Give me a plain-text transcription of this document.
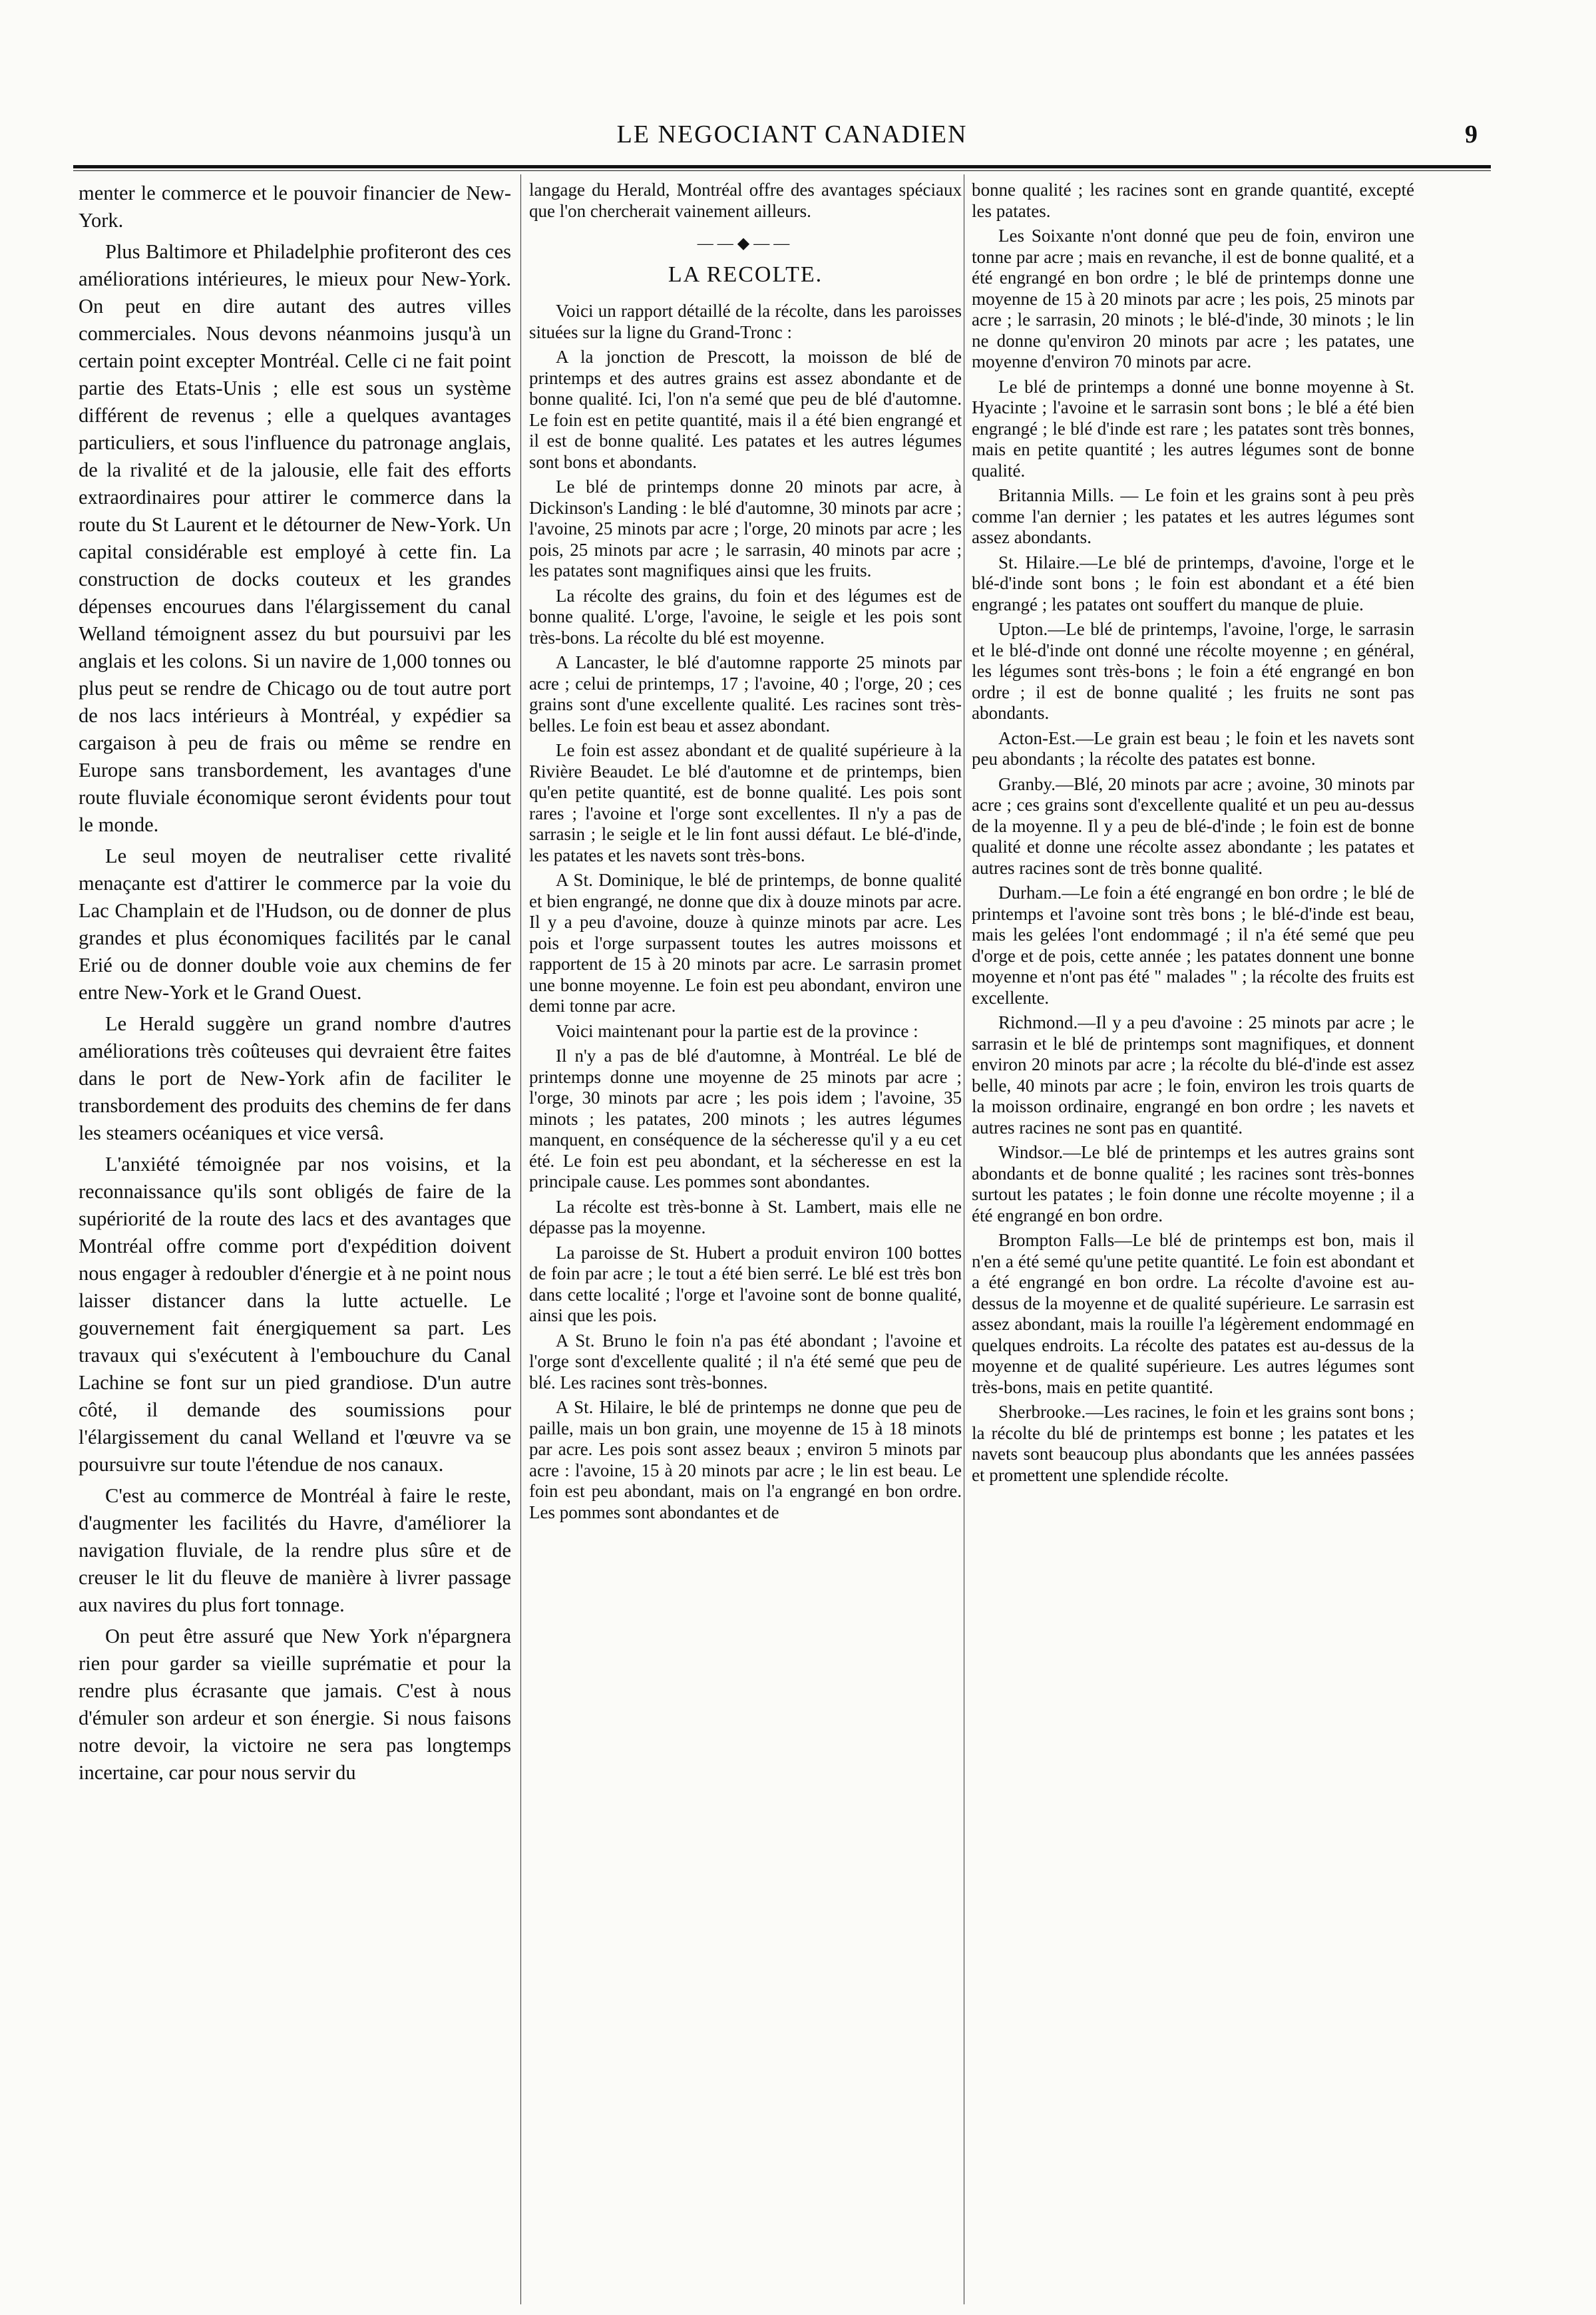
LE NEGOCIANT CANADIEN	9

menter le commerce et le pouvoir financier de New-York.

Plus Baltimore et Philadelphie profiteront des ces améliorations intérieures, le mieux pour New-York. On peut en dire autant des autres villes commerciales. Nous devons néanmoins jusqu'à un certain point excepter Montréal. Celle ci ne fait point partie des Etats-Unis ; elle est sous un système différent de revenus ; elle a quelques avantages particuliers, et sous l'influence du patronage anglais, de la rivalité et de la jalousie, elle fait des efforts extraordinaires pour attirer le commerce dans la route du St Laurent et le détourner de New-York. Un capital considérable est employé à cette fin. La construction de docks couteux et les grandes dépenses encourues dans l'élargissement du canal Welland témoignent assez du but poursuivi par les anglais et les colons. Si un navire de 1,000 tonnes ou plus peut se rendre de Chicago ou de tout autre port de nos lacs intérieurs à Montréal, y expédier sa cargaison à peu de frais ou même se rendre en Europe sans transbordement, les avantages d'une route fluviale économique seront évidents pour tout le monde.

Le seul moyen de neutraliser cette rivalité menaçante est d'attirer le commerce par la voie du Lac Champlain et de l'Hudson, ou de donner de plus grandes et plus économiques facilités par le canal Erié ou de donner double voie aux chemins de fer entre New-York et le Grand Ouest.

Le Herald suggère un grand nombre d'autres améliorations très coûteuses qui devraient être faites dans le port de New-York afin de faciliter le transbordement des produits des chemins de fer dans les steamers océaniques et vice versâ.

L'anxiété témoignée par nos voisins, et la reconnaissance qu'ils sont obligés de faire de la supériorité de la route des lacs et des avantages que Montréal offre comme port d'expédition doivent nous engager à redoubler d'énergie et à ne point nous laisser distancer dans la lutte actuelle. Le gouvernement fait énergiquement sa part. Les travaux qui s'exécutent à l'embouchure du Canal Lachine se font sur un pied grandiose. D'un autre côté, il demande des soumissions pour l'élargissement du canal Welland et l'œuvre va se poursuivre sur toute l'étendue de nos canaux.

C'est au commerce de Montréal à faire le reste, d'augmenter les facilités du Havre, d'améliorer la navigation fluviale, de la rendre plus sûre et de creuser le lit du fleuve de manière à livrer passage aux navires du plus fort tonnage.

On peut être assuré que New York n'épargnera rien pour garder sa vieille suprématie et pour la rendre plus écrasante que jamais. C'est à nous d'émuler son ardeur et son énergie. Si nous faisons notre devoir, la victoire ne sera pas longtemps incertaine, car pour nous servir du

langage du Herald, Montréal offre des avantages spéciaux que l'on chercherait vainement ailleurs.

——◆——
LA RECOLTE.

Voici un rapport détaillé de la récolte, dans les paroisses situées sur la ligne du Grand-Tronc :

A la jonction de Prescott, la moisson de blé de printemps et des autres grains est assez abondante et de bonne qualité. Ici, l'on n'a semé que peu de blé d'automne. Le foin est en petite quantité, mais il a été bien engrangé et il est de bonne qualité. Les patates et les autres légumes sont bons et abondants.

Le blé de printemps donne 20 minots par acre, à Dickinson's Landing : le blé d'automne, 30 minots par acre ; l'avoine, 25 minots par acre ; l'orge, 20 minots par acre ; les pois, 25 minots par acre ; le sarrasin, 40 minots par acre ; les patates sont magnifiques ainsi que les fruits.

La récolte des grains, du foin et des légumes est de bonne qualité. L'orge, l'avoine, le seigle et les pois sont très-bons. La récolte du blé est moyenne.

A Lancaster, le blé d'automne rapporte 25 minots par acre ; celui de printemps, 17 ; l'avoine, 40 ; l'orge, 20 ; ces grains sont d'une excellente qualité. Les racines sont très-belles. Le foin est beau et assez abondant.

Le foin est assez abondant et de qualité supérieure à la Rivière Beaudet. Le blé d'automne et de printemps, bien qu'en petite quantité, est de bonne qualité. Les pois sont rares ; l'avoine et l'orge sont excellentes. Il n'y a pas de sarrasin ; le seigle et le lin font aussi défaut. Le blé-d'inde, les patates et les navets sont très-bons.

A St. Dominique, le blé de printemps, de bonne qualité et bien engrangé, ne donne que dix à douze minots par acre. Il y a peu d'avoine, douze à quinze minots par acre. Les pois et l'orge surpassent toutes les autres moissons et rapportent de 15 à 20 minots par acre. Le sarrasin promet une bonne moyenne. Le foin est peu abondant, environ une demi tonne par acre.

Voici maintenant pour la partie est de la province :

Il n'y a pas de blé d'automne, à Montréal. Le blé de printemps donne une moyenne de 25 minots par acre ; l'orge, 30 minots par acre ; les pois idem ; l'avoine, 35 minots ; les patates, 200 minots ; les autres légumes manquent, en conséquence de la sécheresse qu'il y a eu cet été. Le foin est peu abondant, et la sécheresse en est la principale cause. Les pommes sont abondantes.

La récolte est très-bonne à St. Lambert, mais elle ne dépasse pas la moyenne.

La paroisse de St. Hubert a produit environ 100 bottes de foin par acre ; le tout a été bien serré. Le blé est très bon dans cette localité ; l'orge et l'avoine sont de bonne qualité, ainsi que les pois.

A St. Bruno le foin n'a pas été abondant ; l'avoine et l'orge sont d'excellente qualité ; il n'a été semé que peu de blé. Les racines sont très-bonnes.

A St. Hilaire, le blé de printemps ne donne que peu de paille, mais un bon grain, une moyenne de 15 à 18 minots par acre. Les pois sont assez beaux ; environ 5 minots par acre : l'avoine, 15 à 20 minots par acre ; le lin est beau. Le foin est peu abondant, mais on l'a engrangé en bon ordre. Les pommes sont abondantes et de

bonne qualité ; les racines sont en grande quantité, excepté les patates.

Les Soixante n'ont donné que peu de foin, environ une tonne par acre ; mais en revanche, il est de bonne qualité, et a été engrangé en bon ordre ; le blé de printemps donne une moyenne de 15 à 20 minots par acre ; les pois, 25 minots par acre ; le sarrasin, 20 minots ; le blé-d'inde, 30 minots ; le lin ne donne qu'environ 20 minots par acre ; les patates, une moyenne d'environ 70 minots par acre.

Le blé de printemps a donné une bonne moyenne à St. Hyacinte ; l'avoine et le sarrasin sont bons ; le blé a été bien engrangé ; le blé d'inde est rare ; les patates sont très bonnes, mais en petite quantité ; les autres légumes sont de bonne qualité.

Britannia Mills. — Le foin et les grains sont à peu près comme l'an dernier ; les patates et les autres légumes sont assez abondants.

St. Hilaire.—Le blé de printemps, d'avoine, l'orge et le blé-d'inde sont bons ; le foin est abondant et a été bien engrangé ; les patates ont souffert du manque de pluie.

Upton.—Le blé de printemps, l'avoine, l'orge, le sarrasin et le blé-d'inde ont donné une récolte moyenne ; en général, les légumes sont très-bons ; le foin a été engrangé en bon ordre ; il est de bonne qualité ; les fruits ne sont pas abondants.

Acton-Est.—Le grain est beau ; le foin et les navets sont peu abondants ; la récolte des patates est bonne.

Granby.—Blé, 20 minots par acre ; avoine, 30 minots par acre ; ces grains sont d'excellente qualité et un peu au-dessus de la moyenne. Il y a peu de blé-d'inde ; le foin est de bonne qualité et donne une récolte assez abondante ; les patates et autres racines sont de très bonne qualité.

Durham.—Le foin a été engrangé en bon ordre ; le blé de printemps et l'avoine sont très bons ; le blé-d'inde est beau, mais les gelées l'ont endommagé ; il n'a été semé que peu d'orge et de pois, cette année ; les patates donnent une bonne moyenne et n'ont pas été " malades " ; la récolte des fruits est excellente.

Richmond.—Il y a peu d'avoine : 25 minots par acre ; le sarrasin et le blé de printemps sont magnifiques, et donnent environ 20 minots par acre ; la récolte du blé-d'inde est assez belle, 40 minots par acre ; le foin, environ les trois quarts de la moisson ordinaire, engrangé en bon ordre ; les navets et autres racines ne sont pas en quantité.

Windsor.—Le blé de printemps et les autres grains sont abondants et de bonne qualité ; les racines sont très-bonnes surtout les patates ; le foin donne une récolte moyenne ; il a été engrangé en bon ordre.

Brompton Falls—Le blé de printemps est bon, mais il n'en a été semé qu'une petite quantité. Le foin est abondant et a été engrangé en bon ordre. La récolte d'avoine est au-dessus de la moyenne et de qualité supérieure. Le sarrasin est assez abondant, mais la rouille l'a légèrement endommagé en quelques endroits. La récolte des patates est au-dessus de la moyenne et de qualité supérieure. Les autres légumes sont très-bons, mais en petite quantité.

Sherbrooke.—Les racines, le foin et les grains sont bons ; la récolte du blé de printemps est bonne ; les patates et les navets sont beaucoup plus abondants que les années passées et promettent une splendide récolte.
